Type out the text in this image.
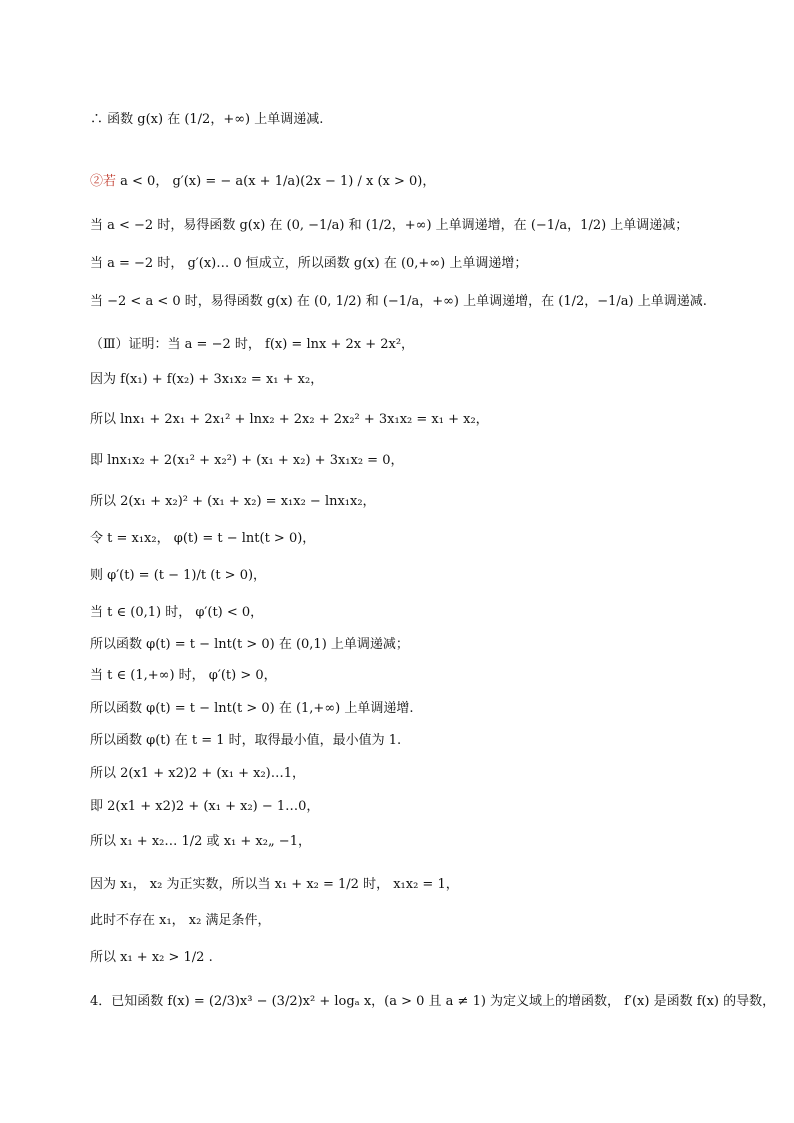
∴ 函数 g(x) 在 (1/2，+∞) 上单调递减.
②若 a < 0， g′(x) = − a(x + 1/a)(2x − 1) / x (x > 0)，
当 a < −2 时，易得函数 g(x) 在 (0, −1/a) 和 (1/2，+∞) 上单调递增，在 (−1/a，1/2) 上单调递减；
当 a = −2 时， g′(x)… 0 恒成立，所以函数 g(x) 在 (0,+∞) 上单调递增；
当 −2 < a < 0 时，易得函数 g(x) 在 (0, 1/2) 和 (−1/a，+∞) 上单调递增，在 (1/2，−1/a) 上单调递减.
（Ⅲ）证明：当 a = −2 时， f(x) = lnx + 2x + 2x²，
因为 f(x₁) + f(x₂) + 3x₁x₂ = x₁ + x₂，
所以 lnx₁ + 2x₁ + 2x₁² + lnx₂ + 2x₂ + 2x₂² + 3x₁x₂ = x₁ + x₂，
即 lnx₁x₂ + 2(x₁² + x₂²) + (x₁ + x₂) + 3x₁x₂ = 0，
所以 2(x₁ + x₂)² + (x₁ + x₂) = x₁x₂ − lnx₁x₂，
令 t = x₁x₂， φ(t) = t − lnt(t > 0)，
则 φ′(t) = (t − 1)/t (t > 0)，
当 t ∈ (0,1) 时， φ′(t) < 0，
所以函数 φ(t) = t − lnt(t > 0) 在 (0,1) 上单调递减；
当 t ∈ (1,+∞) 时， φ′(t) > 0，
所以函数 φ(t) = t − lnt(t > 0) 在 (1,+∞) 上单调递增.
所以函数 φ(t) 在 t = 1 时，取得最小值，最小值为 1.
所以 2(x1 + x2)2 + (x₁ + x₂)…1，
即 2(x1 + x2)2 + (x₁ + x₂) − 1…0，
所以 x₁ + x₂… 1/2 或 x₁ + x₂„ −1，
因为 x₁， x₂ 为正实数，所以当 x₁ + x₂ = 1/2 时， x₁x₂ = 1，
此时不存在 x₁， x₂ 满足条件，
所以 x₁ + x₂ > 1/2 .
4．已知函数 f(x) = (2/3)x³ − (3/2)x² + logₐ x，(a > 0 且 a ≠ 1) 为定义域上的增函数， f′(x) 是函数 f(x) 的导数，
